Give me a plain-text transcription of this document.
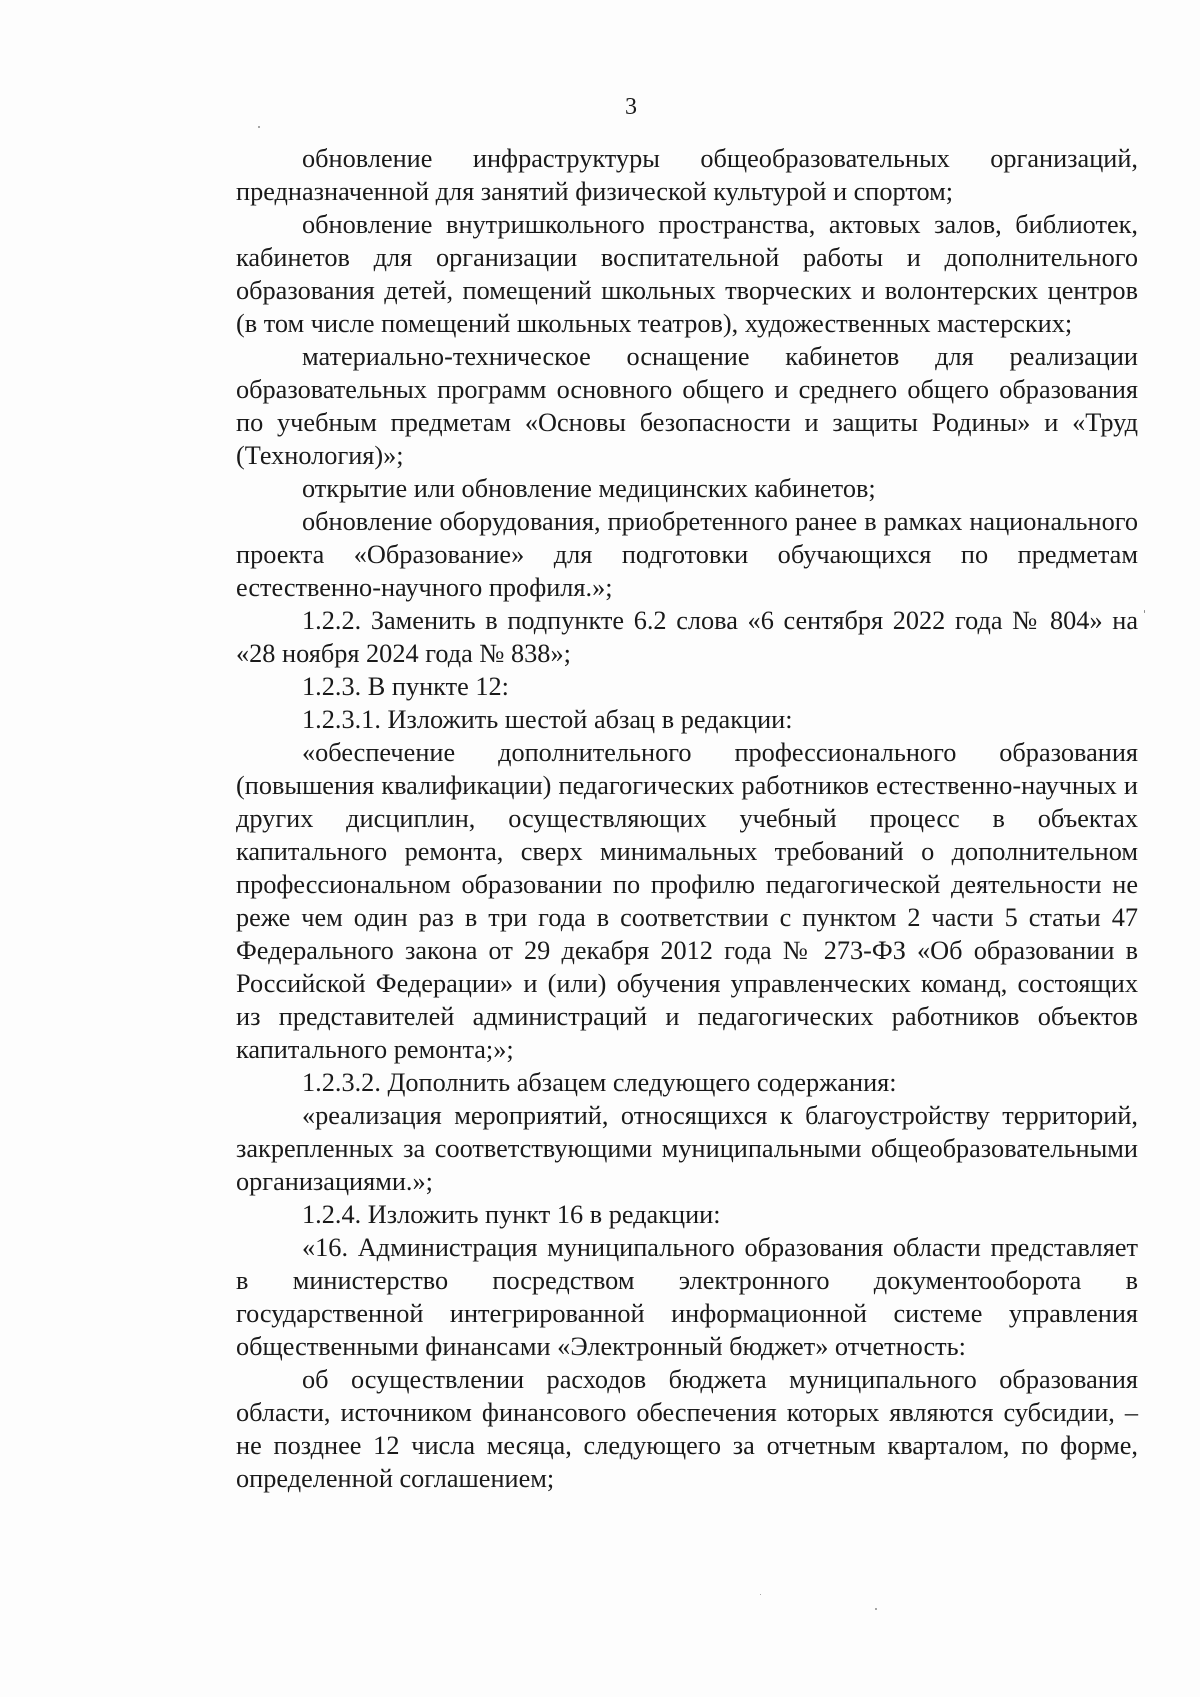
3

обновление инфраструктуры общеобразовательных организаций, предназначенной для занятий физической культурой и спортом;

обновление внутришкольного пространства, актовых залов, библиотек, кабинетов для организации воспитательной работы и дополнительного образования детей, помещений школьных творческих и волонтерских центров (в том числе помещений школьных театров), художественных мастерских;

материально-техническое оснащение кабинетов для реализации образовательных программ основного общего и среднего общего образования по учебным предметам «Основы безопасности и защиты Родины» и «Труд (Технология)»;

открытие или обновление медицинских кабинетов;

обновление оборудования, приобретенного ранее в рамках национального проекта «Образование» для подготовки обучающихся по предметам естественно-научного профиля.»;

1.2.2. Заменить в подпункте 6.2 слова «6 сентября 2022 года № 804» на «28 ноября 2024 года № 838»;

1.2.3. В пункте 12:

1.2.3.1. Изложить шестой абзац в редакции:

«обеспечение дополнительного профессионального образования (повышения квалификации) педагогических работников естественно-научных и других дисциплин, осуществляющих учебный процесс в объектах капитального ремонта, сверх минимальных требований о дополнительном профессиональном образовании по профилю педагогической деятельности не реже чем один раз в три года в соответствии с пунктом 2 части 5 статьи 47 Федерального закона от 29 декабря 2012 года № 273-ФЗ «Об образовании в Российской Федерации» и (или) обучения управленческих команд, состоящих из представителей администраций и педагогических работников объектов капитального ремонта;»;

1.2.3.2. Дополнить абзацем следующего содержания:

«реализация мероприятий, относящихся к благоустройству территорий, закрепленных за соответствующими муниципальными общеобразовательными организациями.»;

1.2.4. Изложить пункт 16 в редакции:

«16. Администрация муниципального образования области представляет в министерство посредством электронного документооборота в государственной интегрированной информационной системе управления общественными финансами «Электронный бюджет» отчетность:

об осуществлении расходов бюджета муниципального образования области, источником финансового обеспечения которых являются субсидии, – не позднее 12 числа месяца, следующего за отчетным кварталом, по форме, определенной соглашением;
